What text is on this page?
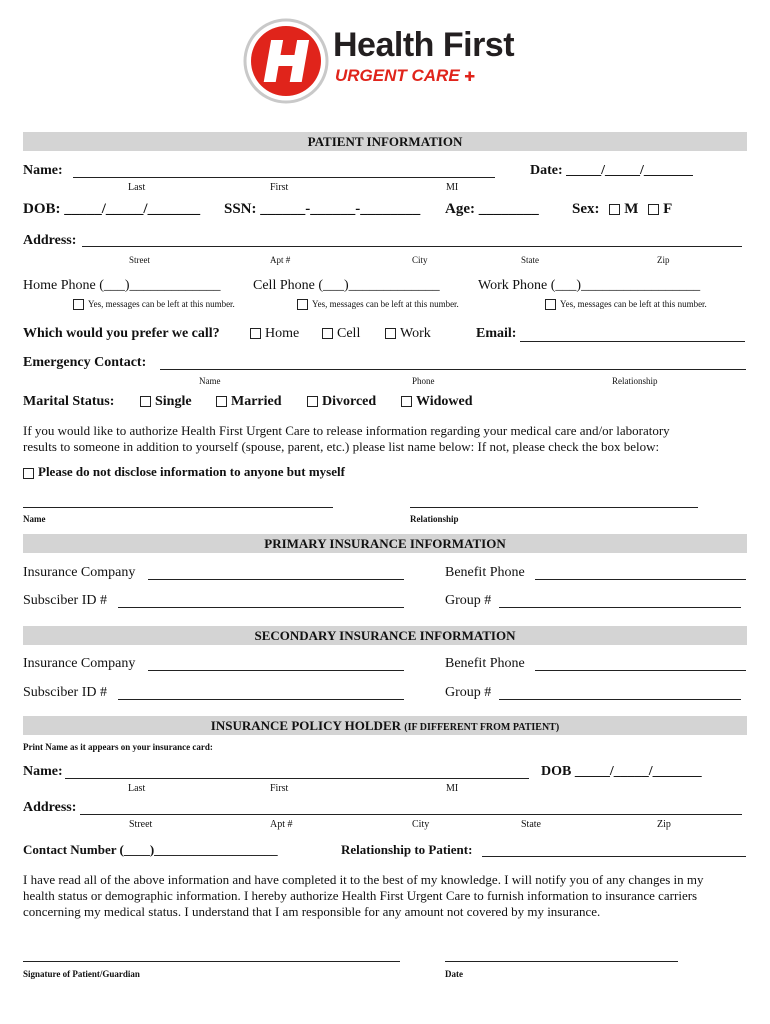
Health First
URGENT CARE ✚
PATIENT INFORMATION
Name:	Date: _____/_____/_______
Last	First	MI
DOB: _____/_____/_______ SSN: ______-______-________ Age: ________ Sex: M F
Address:
Street	Apt #	City	State	Zip
Home Phone (___)_____________ Cell Phone (___)_____________	Work Phone (___)_________________
Yes, messages can be left at this number.	Yes, messages can be left at this number.	Yes, messages can be left at this number.
Which would you prefer we call?	Home	Cell	Work	Email:
Emergency Contact:
Name	Phone	Relationship
Marital Status:	Single	Married	Divorced	Widowed
If you would like to authorize Health First Urgent Care to release information regarding your medical care and/or laboratory
results to someone in addition to yourself (spouse, parent, etc.) please list name below: If not, please check the box below:
Please do not disclose information to anyone but myself
Name	Relationship
PRIMARY INSURANCE INFORMATION
Insurance Company	Benefit Phone
Subsciber ID #	Group #
SECONDARY INSURANCE INFORMATION
Insurance Company	Benefit Phone
Subsciber ID #	Group #
INSURANCE POLICY HOLDER (IF DIFFERENT FROM PATIENT)
Print Name as it appears on your insurance card:
Name:	DOB _____/_____/_______
Last	First	MI
Address:
Street	Apt #	City	State	Zip
Contact Number (____)___________________	Relationship to Patient:
I have read all of the above information and have completed it to the best of my knowledge. I will notify you of any changes in my
health status or demographic information. I hereby authorize Health First Urgent Care to furnish information to insurance carriers
concerning my medical status. I understand that I am responsible for any amount not covered by my insurance.
Signature of Patient/Guardian	Date
